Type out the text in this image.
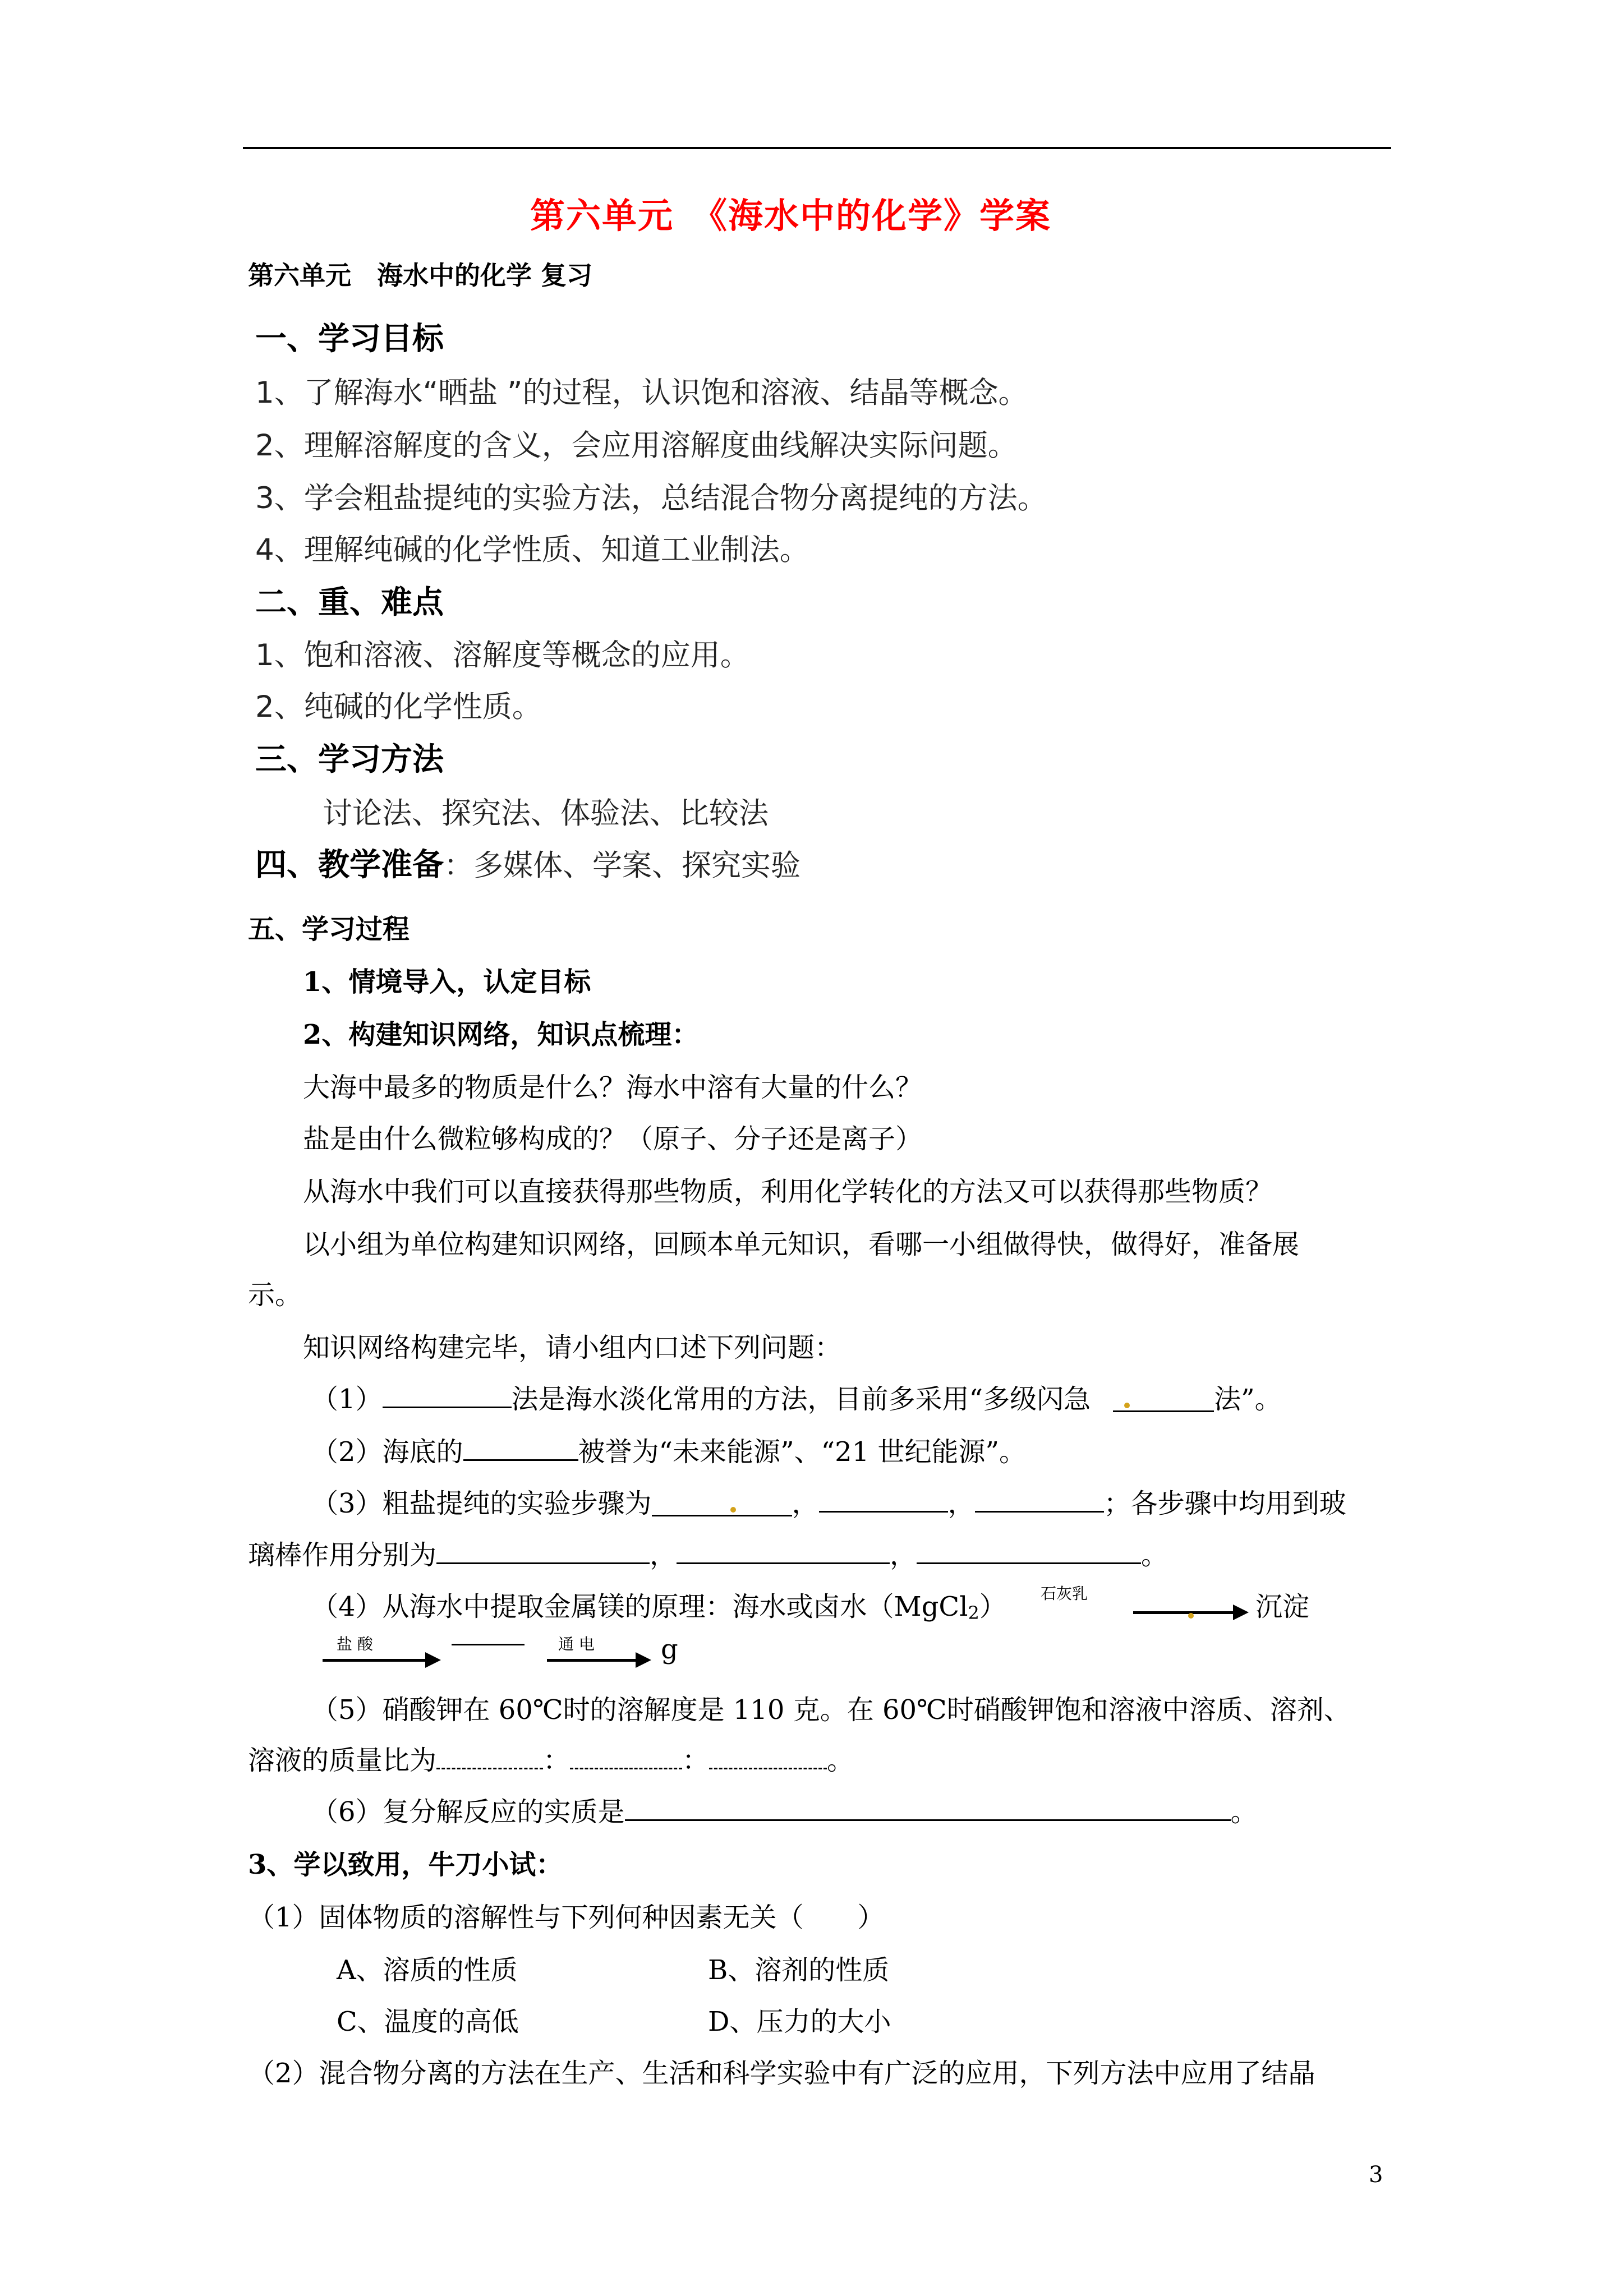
第六单元　《海水中的化学》学案
第六单元　海水中的化学 复习
一、学习目标
1、了解海水“晒盐 ”的过程，认识饱和溶液、结晶等概念。
2、理解溶解度的含义，会应用溶解度曲线解决实际问题。
3、学会粗盐提纯的实验方法，总结混合物分离提纯的方法。
4、理解纯碱的化学性质、知道工业制法。
二、重、难点
1、饱和溶液、溶解度等概念的应用。
2、纯碱的化学性质。
三、学习方法
讨论法、探究法、体验法、比较法
四、教学准备：多媒体、学案、探究实验
五、学习过程
1、情境导入，认定目标
2、构建知识网络，知识点梳理：
大海中最多的物质是什么？海水中溶有大量的什么？
盐是由什么微粒够构成的？（原子、分子还是离子）
从海水中我们可以直接获得那些物质，利用化学转化的方法又可以获得那些物质？
以小组为单位构建知识网络，回顾本单元知识，看哪一小组做得快，做得好，准备展
示。
知识网络构建完毕，请小组内口述下列问题：
（1）	法是海水淡化常用的方法，目前多采用“多级闪急	法”。
（2）海底的	被誉为“未来能源”、“21 世纪能源”。
（3）粗盐提纯的实验步骤为	，	，	；各步骤中均用到玻
璃棒作用分别为	，	，	。
（4）从海水中提取金属镁的原理：海水或卤水（MgCl2） 石灰乳	沉淀
盐 酸	通 电 g
（5）硝酸钾在 60℃时的溶解度是 110 克。在 60℃时硝酸钾饱和溶液中溶质、溶剂、
溶液的质量比为	：	：	。
（6）复分解反应的实质是	。
3、学以致用，牛刀小试：
（1）固体物质的溶解性与下列何种因素无关（　　）
A、溶质的性质	B、溶剂的性质
C、温度的高低	D、压力的大小
（2）混合物分离的方法在生产、生活和科学实验中有广泛的应用，下列方法中应用了结晶
3
